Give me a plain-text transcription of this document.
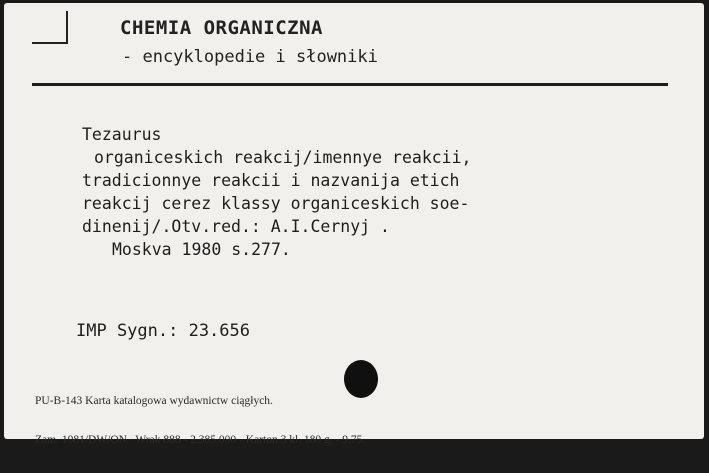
CHEMIA ORGANICZNA
- encyklopedie i słowniki
Tezaurus
organiceskich reakcij/imennye reakcii,
tradicionnye reakcii i nazvanija etich
reakcij cerez klassy organiceskich soe-
dinenij/.Otv.red.: A.I.Cernyj .
Moskva 1980 s.277.
IMP Sygn.: 23.656

PU-B-143 Karta katalogowa wydawnictw ciągłych.

Zam. 1081/DW/ON   Wrak 888 - 2.385.000 - Karton 3 kl. 180 g, - 9.75.
